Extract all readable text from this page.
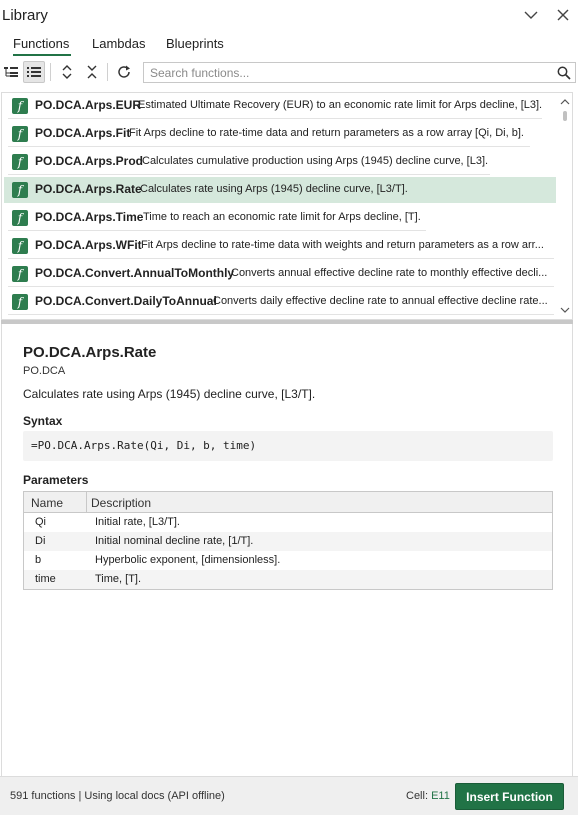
Library
Functions Lambdas Blueprints
Search functions...
f	PO.DCA.Arps.EUR
Estimated Ultimate Recovery (EUR) to an economic rate limit for Arps decline, [L3].
f	PO.DCA.Arps.Fit
Fit Arps decline to rate-time data and return parameters as a row array [Qi, Di, b].
f	PO.DCA.Arps.Prod
Calculates cumulative production using Arps (1945) decline curve, [L3].
f	PO.DCA.Arps.Rate
Calculates rate using Arps (1945) decline curve, [L3/T].
f	PO.DCA.Arps.Time Time to reach an economic rate limit for Arps decline, [T].
f	PO.DCA.Arps.WFit Fit Arps decline to rate-time data with weights and return parameters as a row arr...
f	PO.DCA.Convert.AnnualToMonthly
Converts annual effective decline rate to monthly effective decli...
f	PO.DCA.Convert.DailyToAnnual
Converts daily effective decline rate to annual effective decline rate...
PO.DCA.Arps.Rate
PO.DCA
Calculates rate using Arps (1945) decline curve, [L3/T].
Syntax
=PO.DCA.Arps.Rate(Qi, Di, b, time)
Parameters
Name Description
Qi	Initial rate, [L3/T].
Di	Initial nominal decline rate, [1/T].
b	Hyperbolic exponent, [dimensionless].
time	Time, [T].
591 functions | Using local docs (API offline)	Cell: E11	Insert Function
